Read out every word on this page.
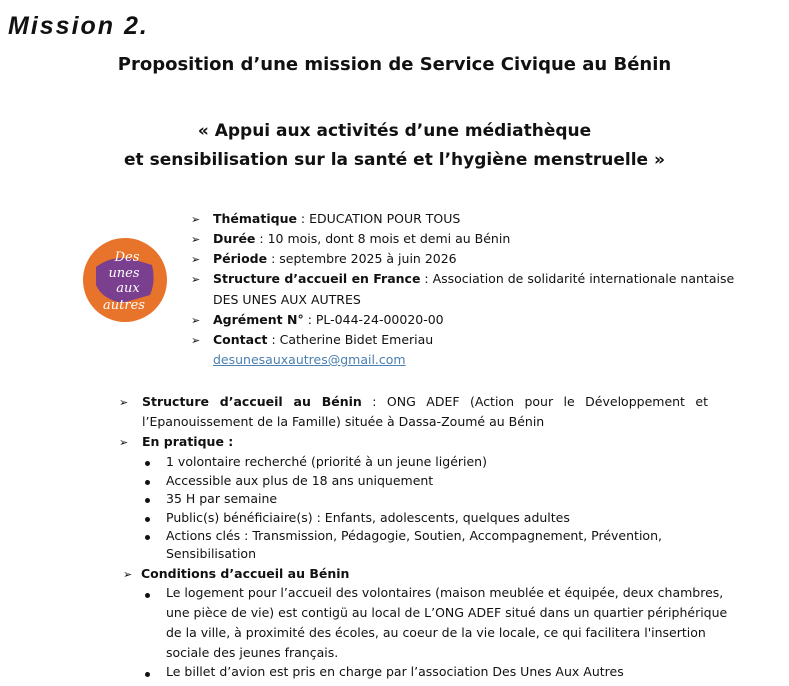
Mission 2.
Proposition d’une mission de Service Civique au Bénin
« Appui aux activités d’une médiathèque
et sensibilisation sur la santé et l’hygiène menstruelle »
Des
unes
aux
autres
➢ Thématique : EDUCATION POUR TOUS
➢ Durée : 10 mois, dont 8 mois et demi au Bénin
➢ Période : septembre 2025 à juin 2026
➢ Structure d’accueil en France : Association de solidarité internationale nantaise
DES UNES AUX AUTRES
➢ Agrément N° : PL-044-24-00020-00
➢ Contact : Catherine Bidet Emeriau
desunesauxautres@gmail.com
➢ Structure d’accueil au Bénin : ONG ADEF (Action pour le Développement et
l’Epanouissement de la Famille) située à Dassa-Zoumé au Bénin
➢ En pratique :
1 volontaire recherché (priorité à un jeune ligérien)
Accessible aux plus de 18 ans uniquement
35 H par semaine
Public(s) bénéficiaire(s) : Enfants, adolescents, quelques adultes
Actions clés : Transmission, Pédagogie, Soutien, Accompagnement, Prévention,
Sensibilisation
➢ Conditions d’accueil au Bénin
Le logement pour l’accueil des volontaires (maison meublée et équipée, deux chambres,
une pièce de vie) est contigü au local de L’ONG ADEF situé dans un quartier périphérique
de la ville, à proximité des écoles, au coeur de la vie locale, ce qui facilitera l'insertion
sociale des jeunes français.
Le billet d’avion est pris en charge par l’association Des Unes Aux Autres
